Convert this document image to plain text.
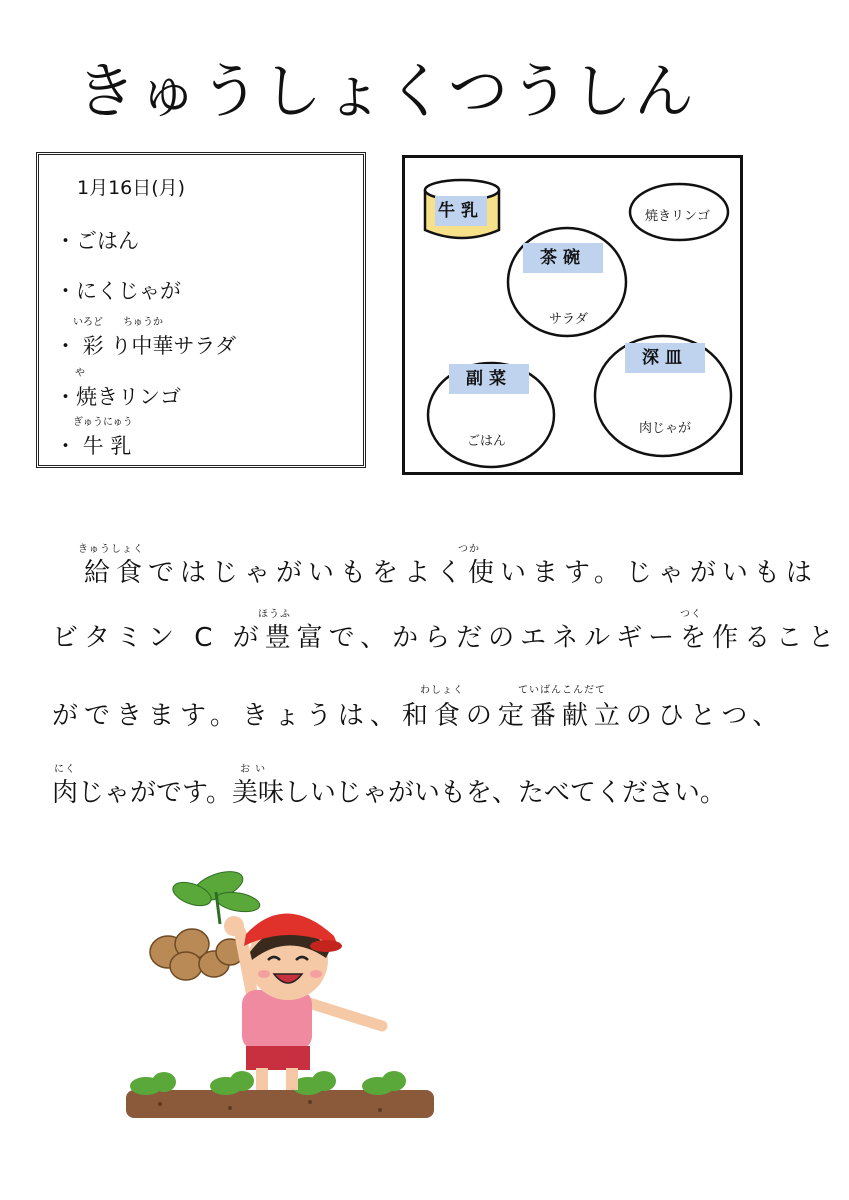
きゅうしょくつうしん
1月16日(月)
・ごはん
・にくじゃが
いろど　　ちゅうか
・ 彩 り中華サラダ
や
・焼きリンゴ
ぎゅうにゅう
・ 牛 乳
牛乳	焼きリンゴ
茶碗
サラダ
深皿
肉じゃが
副菜
ごはん
きゅうしょく	つか
　給食ではじゃがいもをよく使います。じゃがいもは
ほうふ	つく
ビタミン C が豊富で、からだのエネルギーを作ること
わしょく	ていばんこんだて
ができます。きょうは、和食の定番献立のひとつ、
にく	お い
肉じゃがです。美味しいじゃがいもを、たべてください。
